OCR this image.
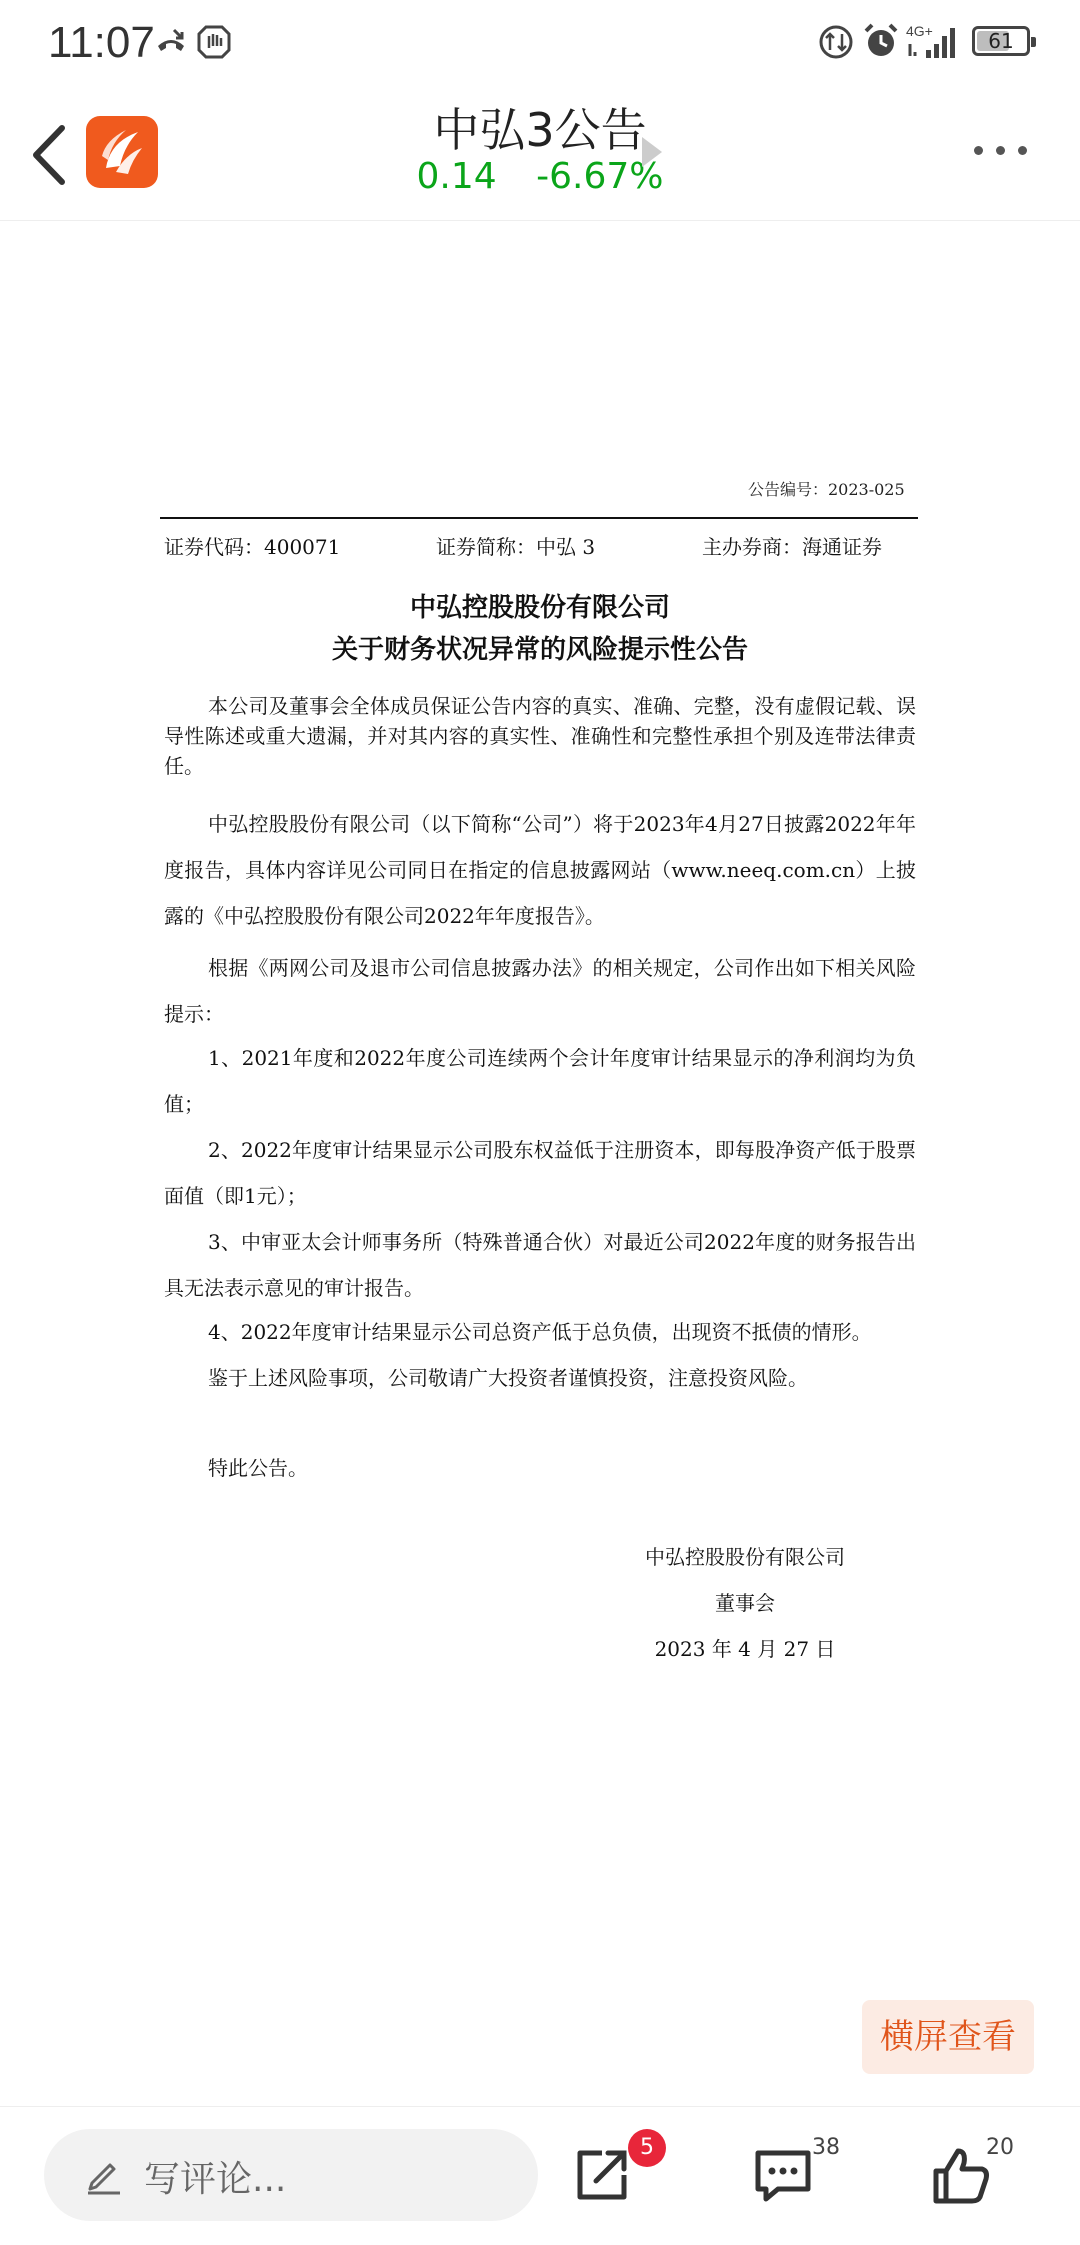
11:07	4G+	61
中弘3公告
0.14 -6.67%
公告编号：2023-025
证券代码：400071	证券简称：中弘 3	主办券商：海通证券
中弘控股股份有限公司
关于财务状况异常的风险提示性公告
本公司及董事会全体成员保证公告内容的真实、准确、完整，没有虚假记载、误导性陈述或重大遗漏，并对其内容的真实性、准确性和完整性承担个别及连带法律责任。
中弘控股股份有限公司（以下简称“公司”）将于2023年4月27日披露2022年年度报告，具体内容详见公司同日在指定的信息披露网站（www.neeq.com.cn）上披露的《中弘控股股份有限公司2022年年度报告》。
根据《两网公司及退市公司信息披露办法》的相关规定，公司作出如下相关风险提示：
1、2021年度和2022年度公司连续两个会计年度审计结果显示的净利润均为负值；
2、2022年度审计结果显示公司股东权益低于注册资本，即每股净资产低于股票面值（即1元）；
3、中审亚太会计师事务所（特殊普通合伙）对最近公司2022年度的财务报告出具无法表示意见的审计报告。
4、2022年度审计结果显示公司总资产低于总负债，出现资不抵债的情形。
鉴于上述风险事项，公司敬请广大投资者谨慎投资，注意投资风险。
特此公告。
中弘控股股份有限公司
董事会
2023 年 4 月 27 日
横屏查看
写评论...
5	38	20
